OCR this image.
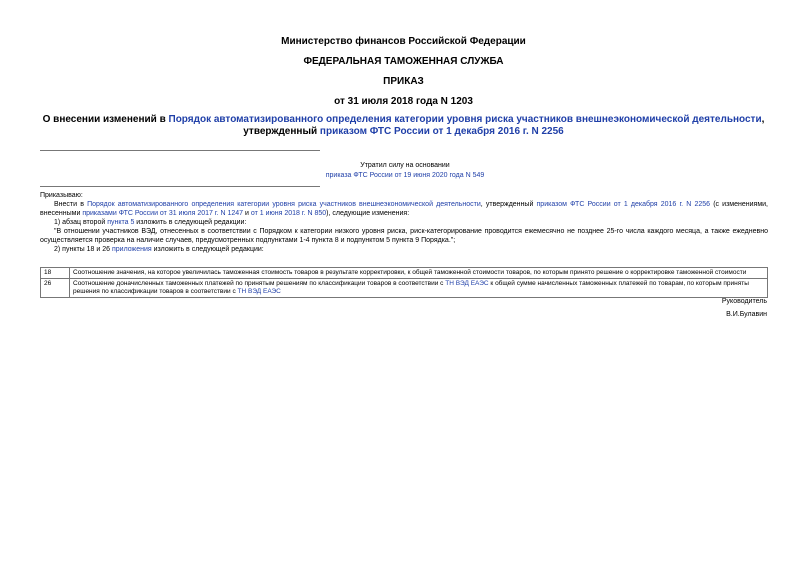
Министерство финансов Российской Федерации
ФЕДЕРАЛЬНАЯ ТАМОЖЕННАЯ СЛУЖБА
ПРИКАЗ
от 31 июля 2018 года N 1203
О внесении изменений в Порядок автоматизированного определения категории уровня риска участников внешнеэкономической деятельности, утвержденный приказом ФТС России от 1 декабря 2016 г. N 2256
Утратил силу на основании
приказа ФТС России от 19 июня 2020 года N 549

Приказываю:

Внести в Порядок автоматизированного определения категории уровня риска участников внешнеэкономической деятельности, утвержденный приказом ФТС России от 1 декабря 2016 г. N 2256 (с изменениями, внесенными приказами ФТС России от 31 июля 2017 г. N 1247 и от 1 июня 2018 г. N 850), следующие изменения:

1) абзац второй пункта 5 изложить в следующей редакции:

"В отношении участников ВЭД, отнесенных в соответствии с Порядком к категории низкого уровня риска, риск-категорирование проводится ежемесячно не позднее 25-го числа каждого месяца, а также ежедневно осуществляется проверка на наличие случаев, предусмотренных подпунктами 1-4 пункта 8 и подпунктом 5 пункта 9 Порядка.";

2) пункты 18 и 26 приложения изложить в следующей редакции:

18	Соотношение значения, на которое увеличилась таможенная стоимость товаров в результате корректировки, к общей таможенной стоимости товаров, по которым принято решение о корректировке таможенной стоимости
26	Соотношение доначисленных таможенных платежей по принятым решениям по классификации товаров в соответствии с ТН ВЭД ЕАЭС к общей сумме начисленных таможенных платежей по товарам, по которым приняты решения по классификации товаров в соответствии с ТН ВЭД ЕАЭС
Руководитель
В.И.Булавин
